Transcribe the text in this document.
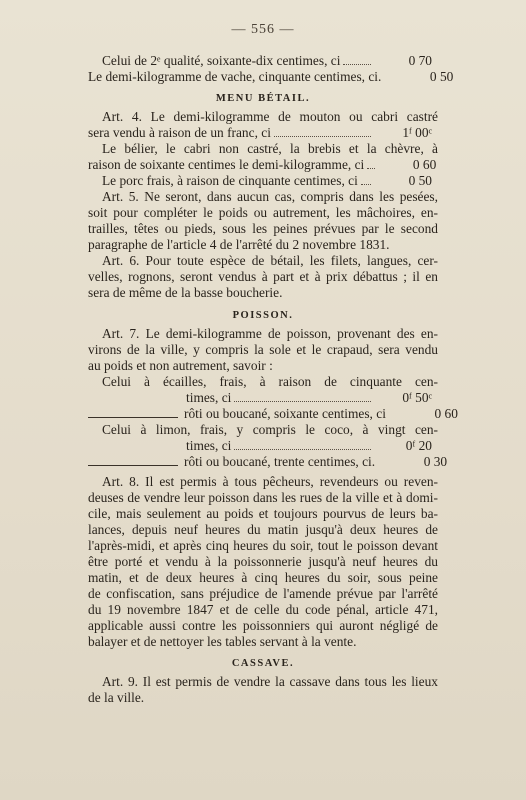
— 556 —
Celui de 2ᵉ qualité, soixante-dix centimes, ci	0 70
Le demi-kilogramme de vache, cinquante centimes, ci.	0 50
MENU BÉTAIL.
Art. 4. Le demi-kilogramme de mouton ou cabri castré
sera vendu à raison de un franc, ci	1ᶠ 00ᶜ
Le bélier, le cabri non castré, la brebis et la chèvre, à
raison de soixante centimes le demi-kilogramme, ci	0 60
Le porc frais, à raison de cinquante centimes, ci	0 50
Art. 5. Ne seront, dans aucun cas, compris dans les pesées,
soit pour compléter le poids ou autrement, les mâchoires, en-
trailles, têtes ou pieds, sous les peines prévues par le second
paragraphe de l'article 4 de l'arrêté du 2 novembre 1831.
Art. 6. Pour toute espèce de bétail, les filets, langues, cer-
velles, rognons, seront vendus à part et à prix débattus ; il en
sera de même de la basse boucherie.
POISSON.
Art. 7. Le demi-kilogramme de poisson, provenant des en-
virons de la ville, y compris la sole et le crapaud, sera vendu
au poids et non autrement, savoir :
Celui à écailles, frais, à raison de cinquante cen-
times, ci	0ᶠ 50ᶜ
rôti ou boucané, soixante centimes, ci	0 60
Celui à limon, frais, y compris le coco, à vingt cen-
times, ci	0ᶠ 20
rôti ou boucané, trente centimes, ci.	0 30
Art. 8. Il est permis à tous pêcheurs, revendeurs ou reven-
deuses de vendre leur poisson dans les rues de la ville et à domi-
cile, mais seulement au poids et toujours pourvus de leurs ba-
lances, depuis neuf heures du matin jusqu'à deux heures de
l'après-midi, et après cinq heures du soir, tout le poisson devant
être porté et vendu à la poissonnerie jusqu'à neuf heures du
matin, et de deux heures à cinq heures du soir, sous peine
de confiscation, sans préjudice de l'amende prévue par l'arrêté
du 19 novembre 1847 et de celle du code pénal, article 471,
applicable aussi contre les poissonniers qui auront négligé de
balayer et de nettoyer les tables servant à la vente.
CASSAVE.
Art. 9. Il est permis de vendre la cassave dans tous les lieux
de la ville.
